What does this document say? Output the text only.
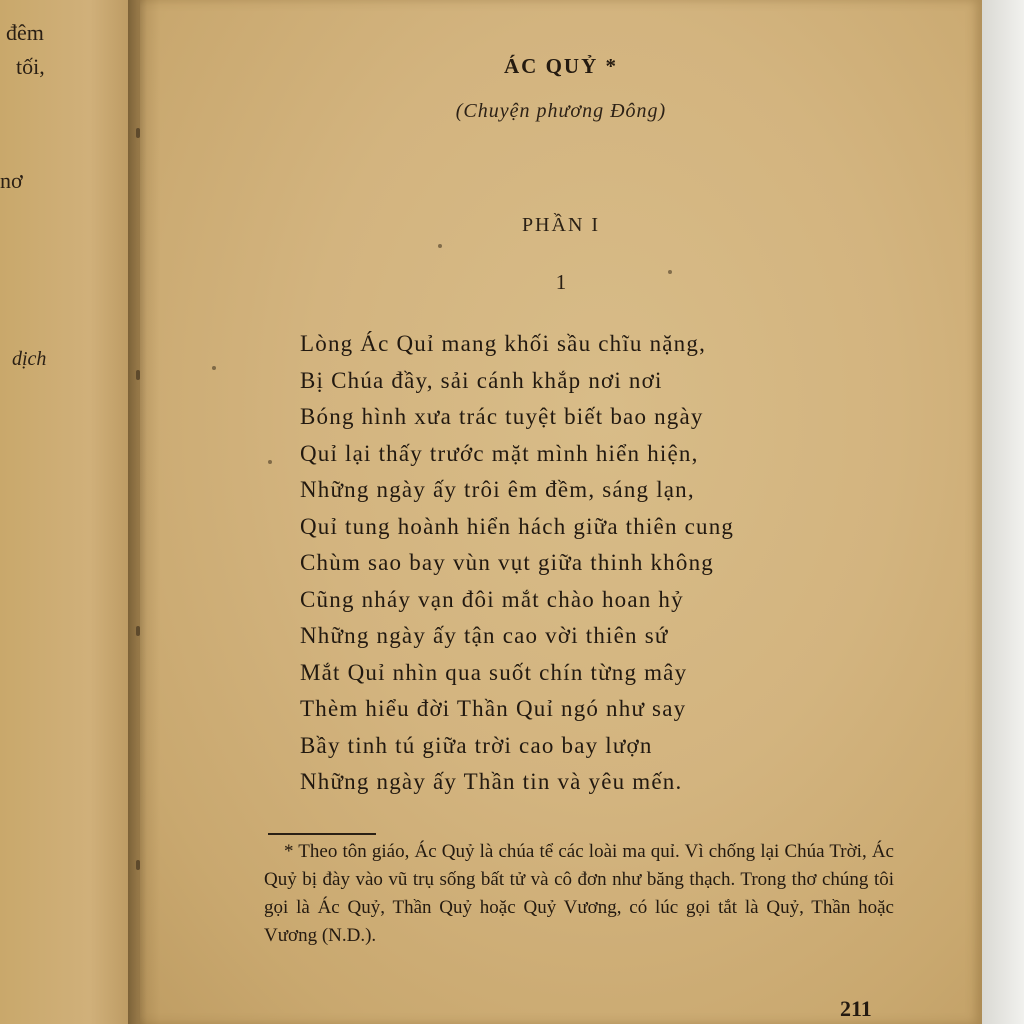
đêm
tối,
nơ
dịch
ÁC QUỶ *
(Chuyện phương Đông)
PHẦN I
1
Lòng Ác Quỉ mang khối sầu chĩu nặng,
Bị Chúa đầy, sải cánh khắp nơi nơi
Bóng hình xưa trác tuyệt biết bao ngày
Quỉ lại thấy trước mặt mình hiển hiện,
Những ngày ấy trôi êm đềm, sáng lạn,
Quỉ tung hoành hiển hách giữa thiên cung
Chùm sao bay vùn vụt giữa thinh không
Cũng nháy vạn đôi mắt chào hoan hỷ
Những ngày ấy tận cao vời thiên sứ
Mắt Quỉ nhìn qua suốt chín từng mây
Thèm hiểu đời Thần Quỉ ngó như say
Bầy tinh tú giữa trời cao bay lượn
Những ngày ấy Thần tin và yêu mến.
* Theo tôn giáo, Ác Quỷ là chúa tể các loài ma quỉ. Vì chống lại Chúa Trời, Ác Quỷ bị đày vào vũ trụ sống bất tử và cô đơn như băng thạch. Trong thơ chúng tôi gọi là Ác Quỷ, Thần Quỷ hoặc Quỷ Vương, có lúc gọi tắt là Quỷ, Thần hoặc Vương (N.D.).
211
